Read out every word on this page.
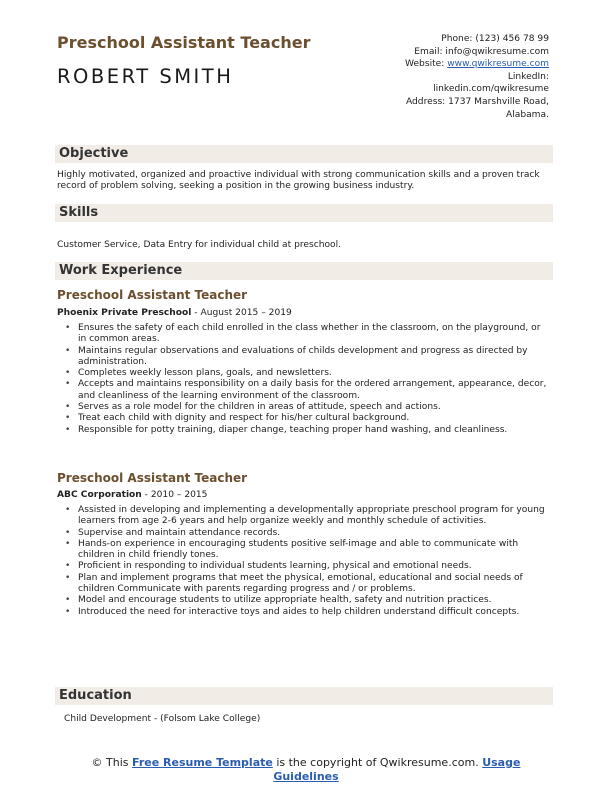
Preschool Assistant Teacher
ROBERT SMITH
Phone: (123) 456 78 99
Email: info@qwikresume.com
Website: www.qwikresume.com
LinkedIn:
linkedin.com/qwikresume
Address: 1737 Marshville Road,
Alabama.
Objective
Highly motivated, organized and proactive individual with strong communication skills and a proven track record of problem solving, seeking a position in the growing business industry.
Skills
Customer Service, Data Entry for individual child at preschool.
Work Experience
Preschool Assistant Teacher
Phoenix Private Preschool - August 2015 – 2019
• Ensures the safety of each child enrolled in the class whether in the classroom, on the playground, or in common areas.
• Maintains regular observations and evaluations of childs development and progress as directed by administration.
• Completes weekly lesson plans, goals, and newsletters.
• Accepts and maintains responsibility on a daily basis for the ordered arrangement, appearance, decor, and cleanliness of the learning environment of the classroom.
• Serves as a role model for the children in areas of attitude, speech and actions.
• Treat each child with dignity and respect for his/her cultural background.
• Responsible for potty training, diaper change, teaching proper hand washing, and cleanliness.
Preschool Assistant Teacher
ABC Corporation - 2010 – 2015
• Assisted in developing and implementing a developmentally appropriate preschool program for young learners from age 2-6 years and help organize weekly and monthly schedule of activities.
• Supervise and maintain attendance records.
• Hands-on experience in encouraging students positive self-image and able to communicate with children in child friendly tones.
• Proficient in responding to individual students learning, physical and emotional needs.
• Plan and implement programs that meet the physical, emotional, educational and social needs of children Communicate with parents regarding progress and / or problems.
• Model and encourage students to utilize appropriate health, safety and nutrition practices.
• Introduced the need for interactive toys and aides to help children understand difficult concepts.
Education
Child Development - (Folsom Lake College)
© This Free Resume Template is the copyright of Qwikresume.com. Usage
Guidelines
